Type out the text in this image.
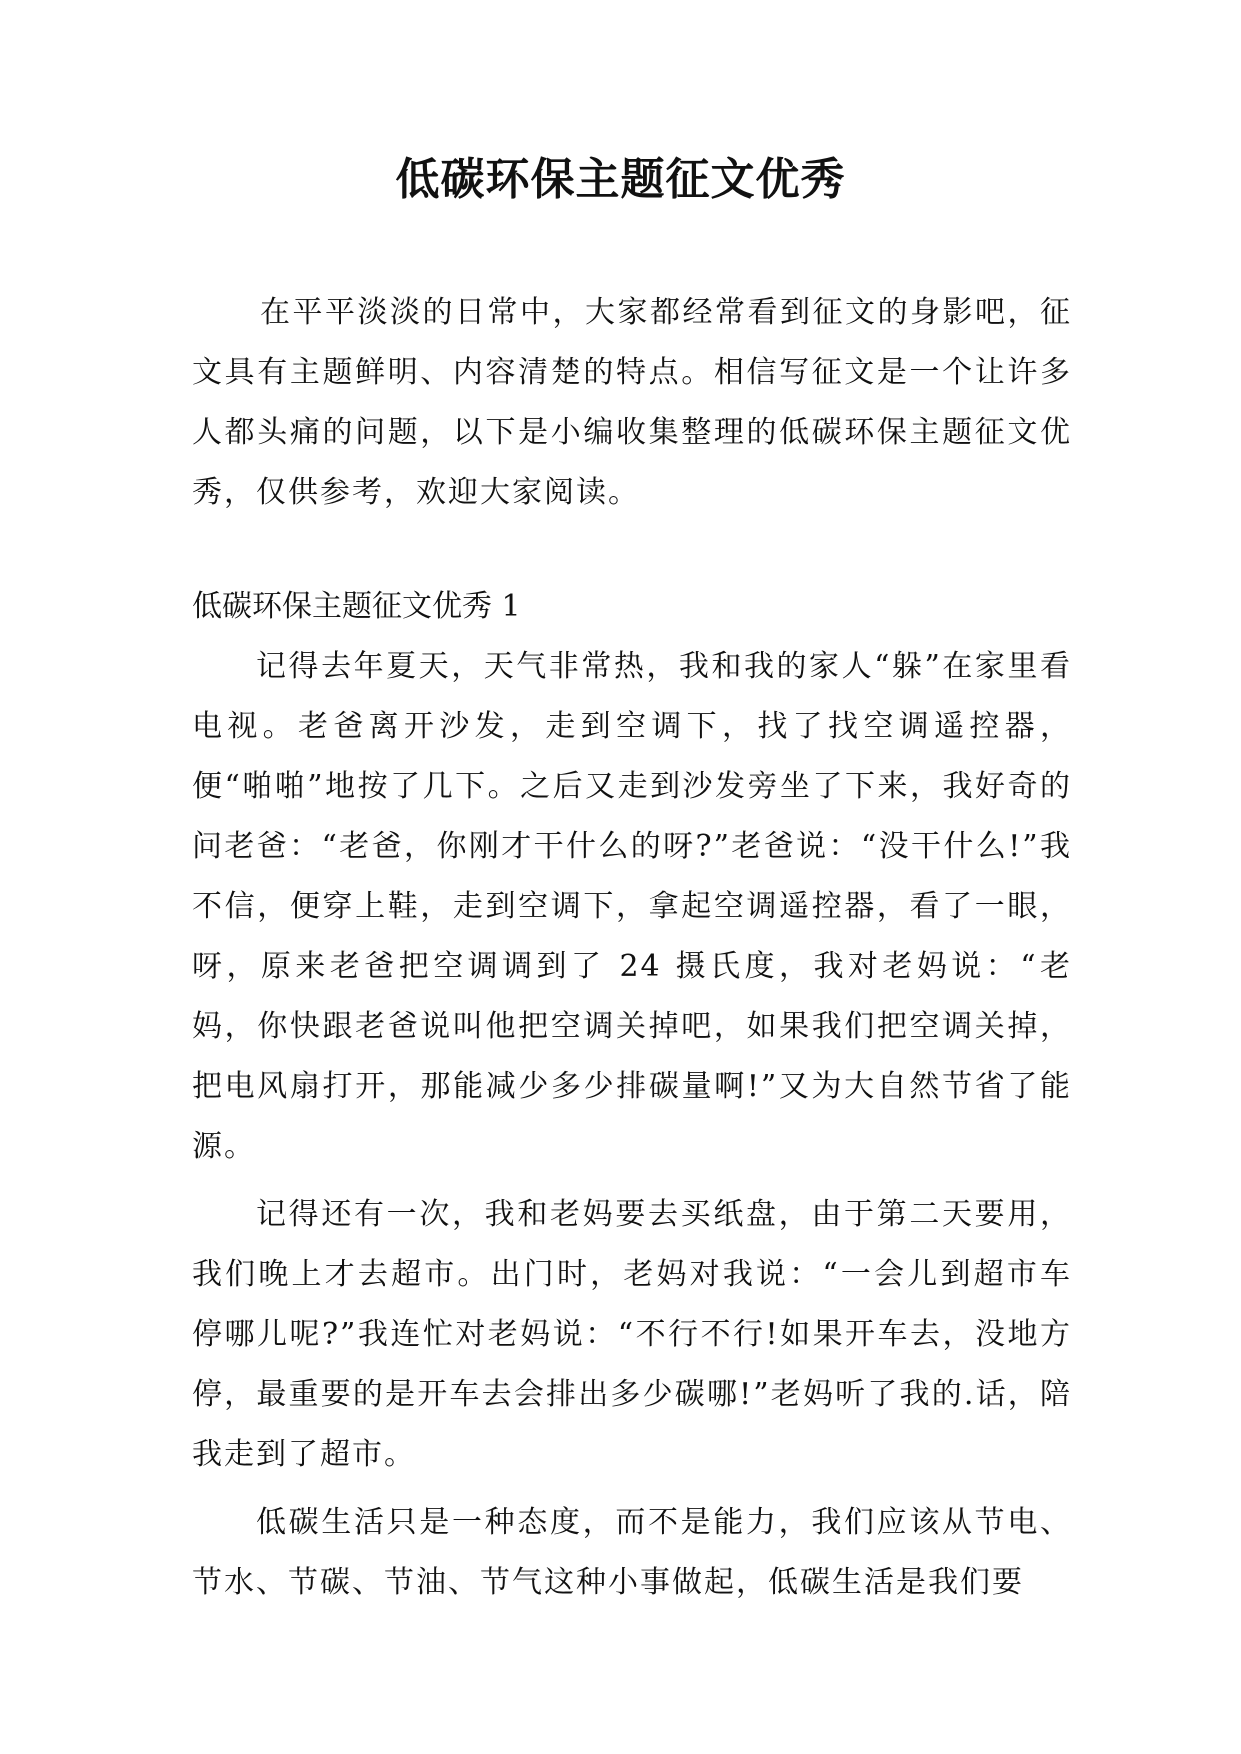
低碳环保主题征文优秀

在平平淡淡的日常中，大家都经常看到征文的身影吧，征文具有主题鲜明、内容清楚的特点。相信写征文是一个让许多人都头痛的问题，以下是小编收集整理的低碳环保主题征文优秀，仅供参考，欢迎大家阅读。

低碳环保主题征文优秀 1

记得去年夏天，天气非常热，我和我的家人“躲”在家里看电视。老爸离开沙发，走到空调下，找了找空调遥控器，便“啪啪”地按了几下。之后又走到沙发旁坐了下来，我好奇的问老爸：“老爸，你刚才干什么的呀?”老爸说：“没干什么!”我不信，便穿上鞋，走到空调下，拿起空调遥控器，看了一眼，呀，原来老爸把空调调到了 24 摄氏度，我对老妈说：“老妈，你快跟老爸说叫他把空调关掉吧，如果我们把空调关掉，把电风扇打开，那能减少多少排碳量啊!”又为大自然节省了能源。

记得还有一次，我和老妈要去买纸盘，由于第二天要用，我们晚上才去超市。出门时，老妈对我说：“一会儿到超市车停哪儿呢?”我连忙对老妈说：“不行不行!如果开车去，没地方停，最重要的是开车去会排出多少碳哪!”老妈听了我的.话，陪我走到了超市。

低碳生活只是一种态度，而不是能力，我们应该从节电、节水、节碳、节油、节气这种小事做起，低碳生活是我们要
